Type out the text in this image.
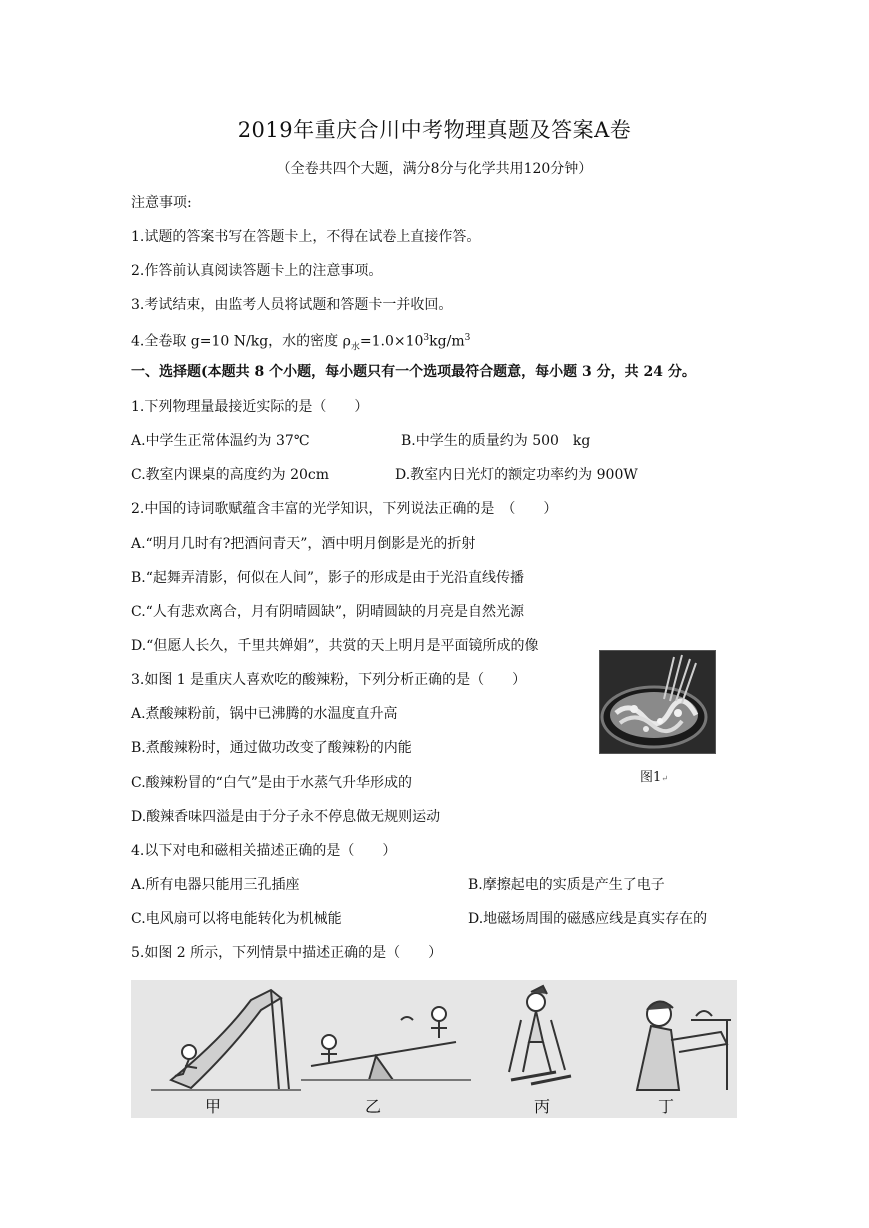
2019年重庆合川中考物理真题及答案A卷
（全卷共四个大题，满分8分与化学共用120分钟）
注意事项:
1.试题的答案书写在答题卡上，不得在试卷上直接作答。
2.作答前认真阅读答题卡上的注意事项。
3.考试结束，由监考人员将试题和答题卡一并收回。
4.全卷取 g=10 N/kg，水的密度 $\rho_水=1.0\times 10^3kg/m^3$
一、选择题(本题共 8 个小题，每小题只有一个选项最符合题意，每小题 3 分，共 24 分。
1.下列物理量最接近实际的是（　　）
A.中学生正常体温约为 37℃	B.中学生的质量约为 500　kg
C.教室内课桌的高度约为 20cm	D.教室内日光灯的额定功率约为 900W
2.中国的诗词歌赋蕴含丰富的光学知识，下列说法正确的是　（　　）
A.“明月几时有?把酒问青天”，酒中明月倒影是光的折射
B.“起舞弄清影，何似在人间”，影子的形成是由于光沿直线传播
C.“人有悲欢离合，月有阴晴圆缺”，阴晴圆缺的月亮是自然光源
D.“但愿人长久，千里共婵娟”，共赏的天上明月是平面镜所成的像
3.如图 1 是重庆人喜欢吃的酸辣粉，下列分析正确的是（　　）
A.煮酸辣粉前，锅中已沸腾的水温度直升高
B.煮酸辣粉时，通过做功改变了酸辣粉的内能
C.酸辣粉冒的“白气”是由于水蒸气升华形成的
D.酸辣香味四溢是由于分子永不停息做无规则运动
图1↵
4.以下对电和磁相关描述正确的是（　　）
A.所有电器只能用三孔插座	B.摩擦起电的实质是产生了电子
C.电风扇可以将电能转化为机械能	D.地磁场周围的磁感应线是真实存在的
5.如图 2 所示，下列情景中描述正确的是（　　）
甲	乙	丙	丁
